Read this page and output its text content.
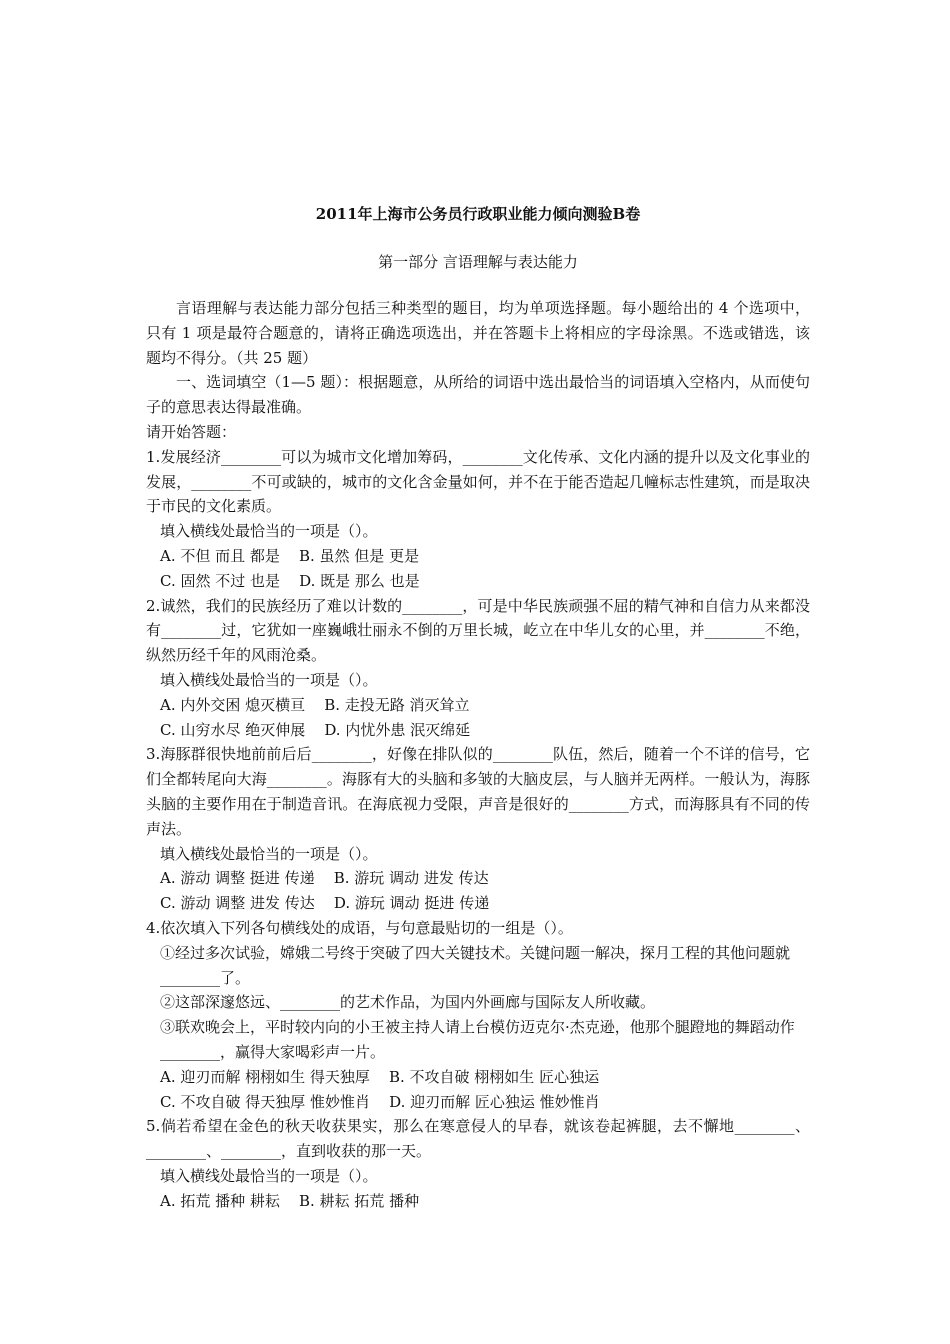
2011年上海市公务员行政职业能力倾向测验B卷

第一部分 言语理解与表达能力

言语理解与表达能力部分包括三种类型的题目，均为单项选择题。每小题给出的 4 个选项中，只有 1 项是最符合题意的，请将正确选项选出，并在答题卡上将相应的字母涂黑。不选或错选，该题均不得分。（共 25 题）

一、选词填空（1—5 题）：根据题意，从所给的词语中选出最恰当的词语填入空格内，从而使句子的意思表达得最准确。

请开始答题：

1.发展经济________可以为城市文化增加筹码，________文化传承、文化内涵的提升以及文化事业的发展，________不可或缺的，城市的文化含金量如何，并不在于能否造起几幢标志性建筑，而是取决于市民的文化素质。

填入横线处最恰当的一项是（）。

A. 不但 而且 都是    B. 虽然 但是 更是

C. 固然 不过 也是    D. 既是 那么 也是

2.诚然，我们的民族经历了难以计数的________，可是中华民族顽强不屈的精气神和自信力从来都没有________过，它犹如一座巍峨壮丽永不倒的万里长城，屹立在中华儿女的心里，并________不绝，纵然历经千年的风雨沧桑。

填入横线处最恰当的一项是（）。

A. 内外交困 熄灭横亘    B. 走投无路 消灭耸立

C. 山穷水尽 绝灭伸展    D. 内忧外患 泯灭绵延

3.海豚群很快地前前后后________，好像在排队似的________队伍，然后，随着一个不详的信号，它们全都转尾向大海________。海豚有大的头脑和多皱的大脑皮层，与人脑并无两样。一般认为，海豚头脑的主要作用在于制造音讯。在海底视力受限，声音是很好的________方式，而海豚具有不同的传声法。

填入横线处最恰当的一项是（）。

A. 游动 调整 挺进 传递    B. 游玩 调动 进发 传达

C. 游动 调整 进发 传达    D. 游玩 调动 挺进 传递

4.依次填入下列各句横线处的成语，与句意最贴切的一组是（）。

①经过多次试验，嫦娥二号终于突破了四大关键技术。关键问题一解决，探月工程的其他问题就________了。

②这部深邃悠远、________的艺术作品，为国内外画廊与国际友人所收藏。

③联欢晚会上，平时较内向的小王被主持人请上台模仿迈克尔·杰克逊，他那个腿蹬地的舞蹈动作________，赢得大家喝彩声一片。

A. 迎刃而解 栩栩如生 得天独厚    B. 不攻自破 栩栩如生 匠心独运

C. 不攻自破 得天独厚 惟妙惟肖    D. 迎刃而解 匠心独运 惟妙惟肖

5.倘若希望在金色的秋天收获果实，那么在寒意侵人的早春，就该卷起裤腿，去不懈地________、________、________，直到收获的那一天。

填入横线处最恰当的一项是（）。

A. 拓荒 播种 耕耘    B. 耕耘 拓荒 播种
